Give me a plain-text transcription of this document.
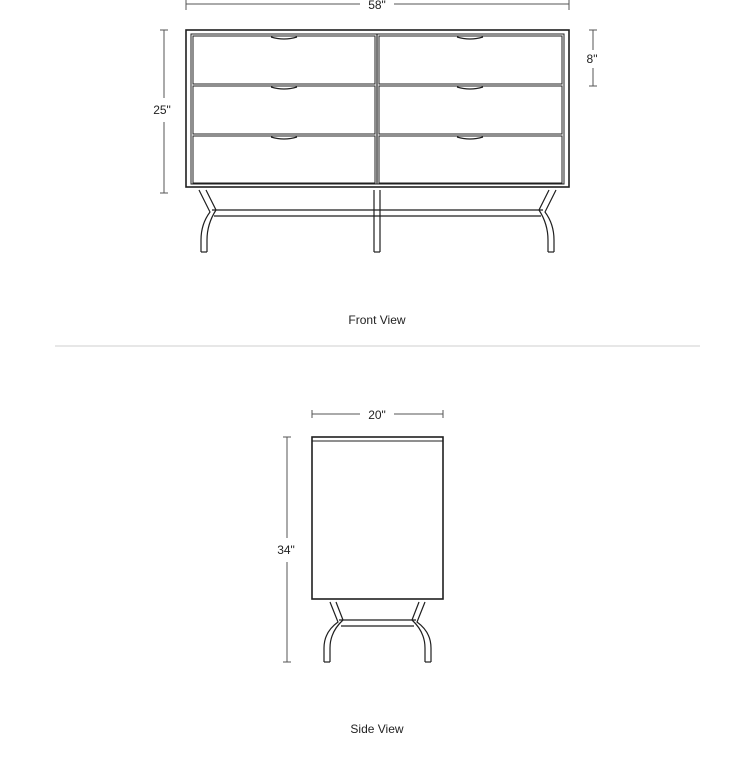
58"
25"
8"
Front View
20"
34"
Side View
